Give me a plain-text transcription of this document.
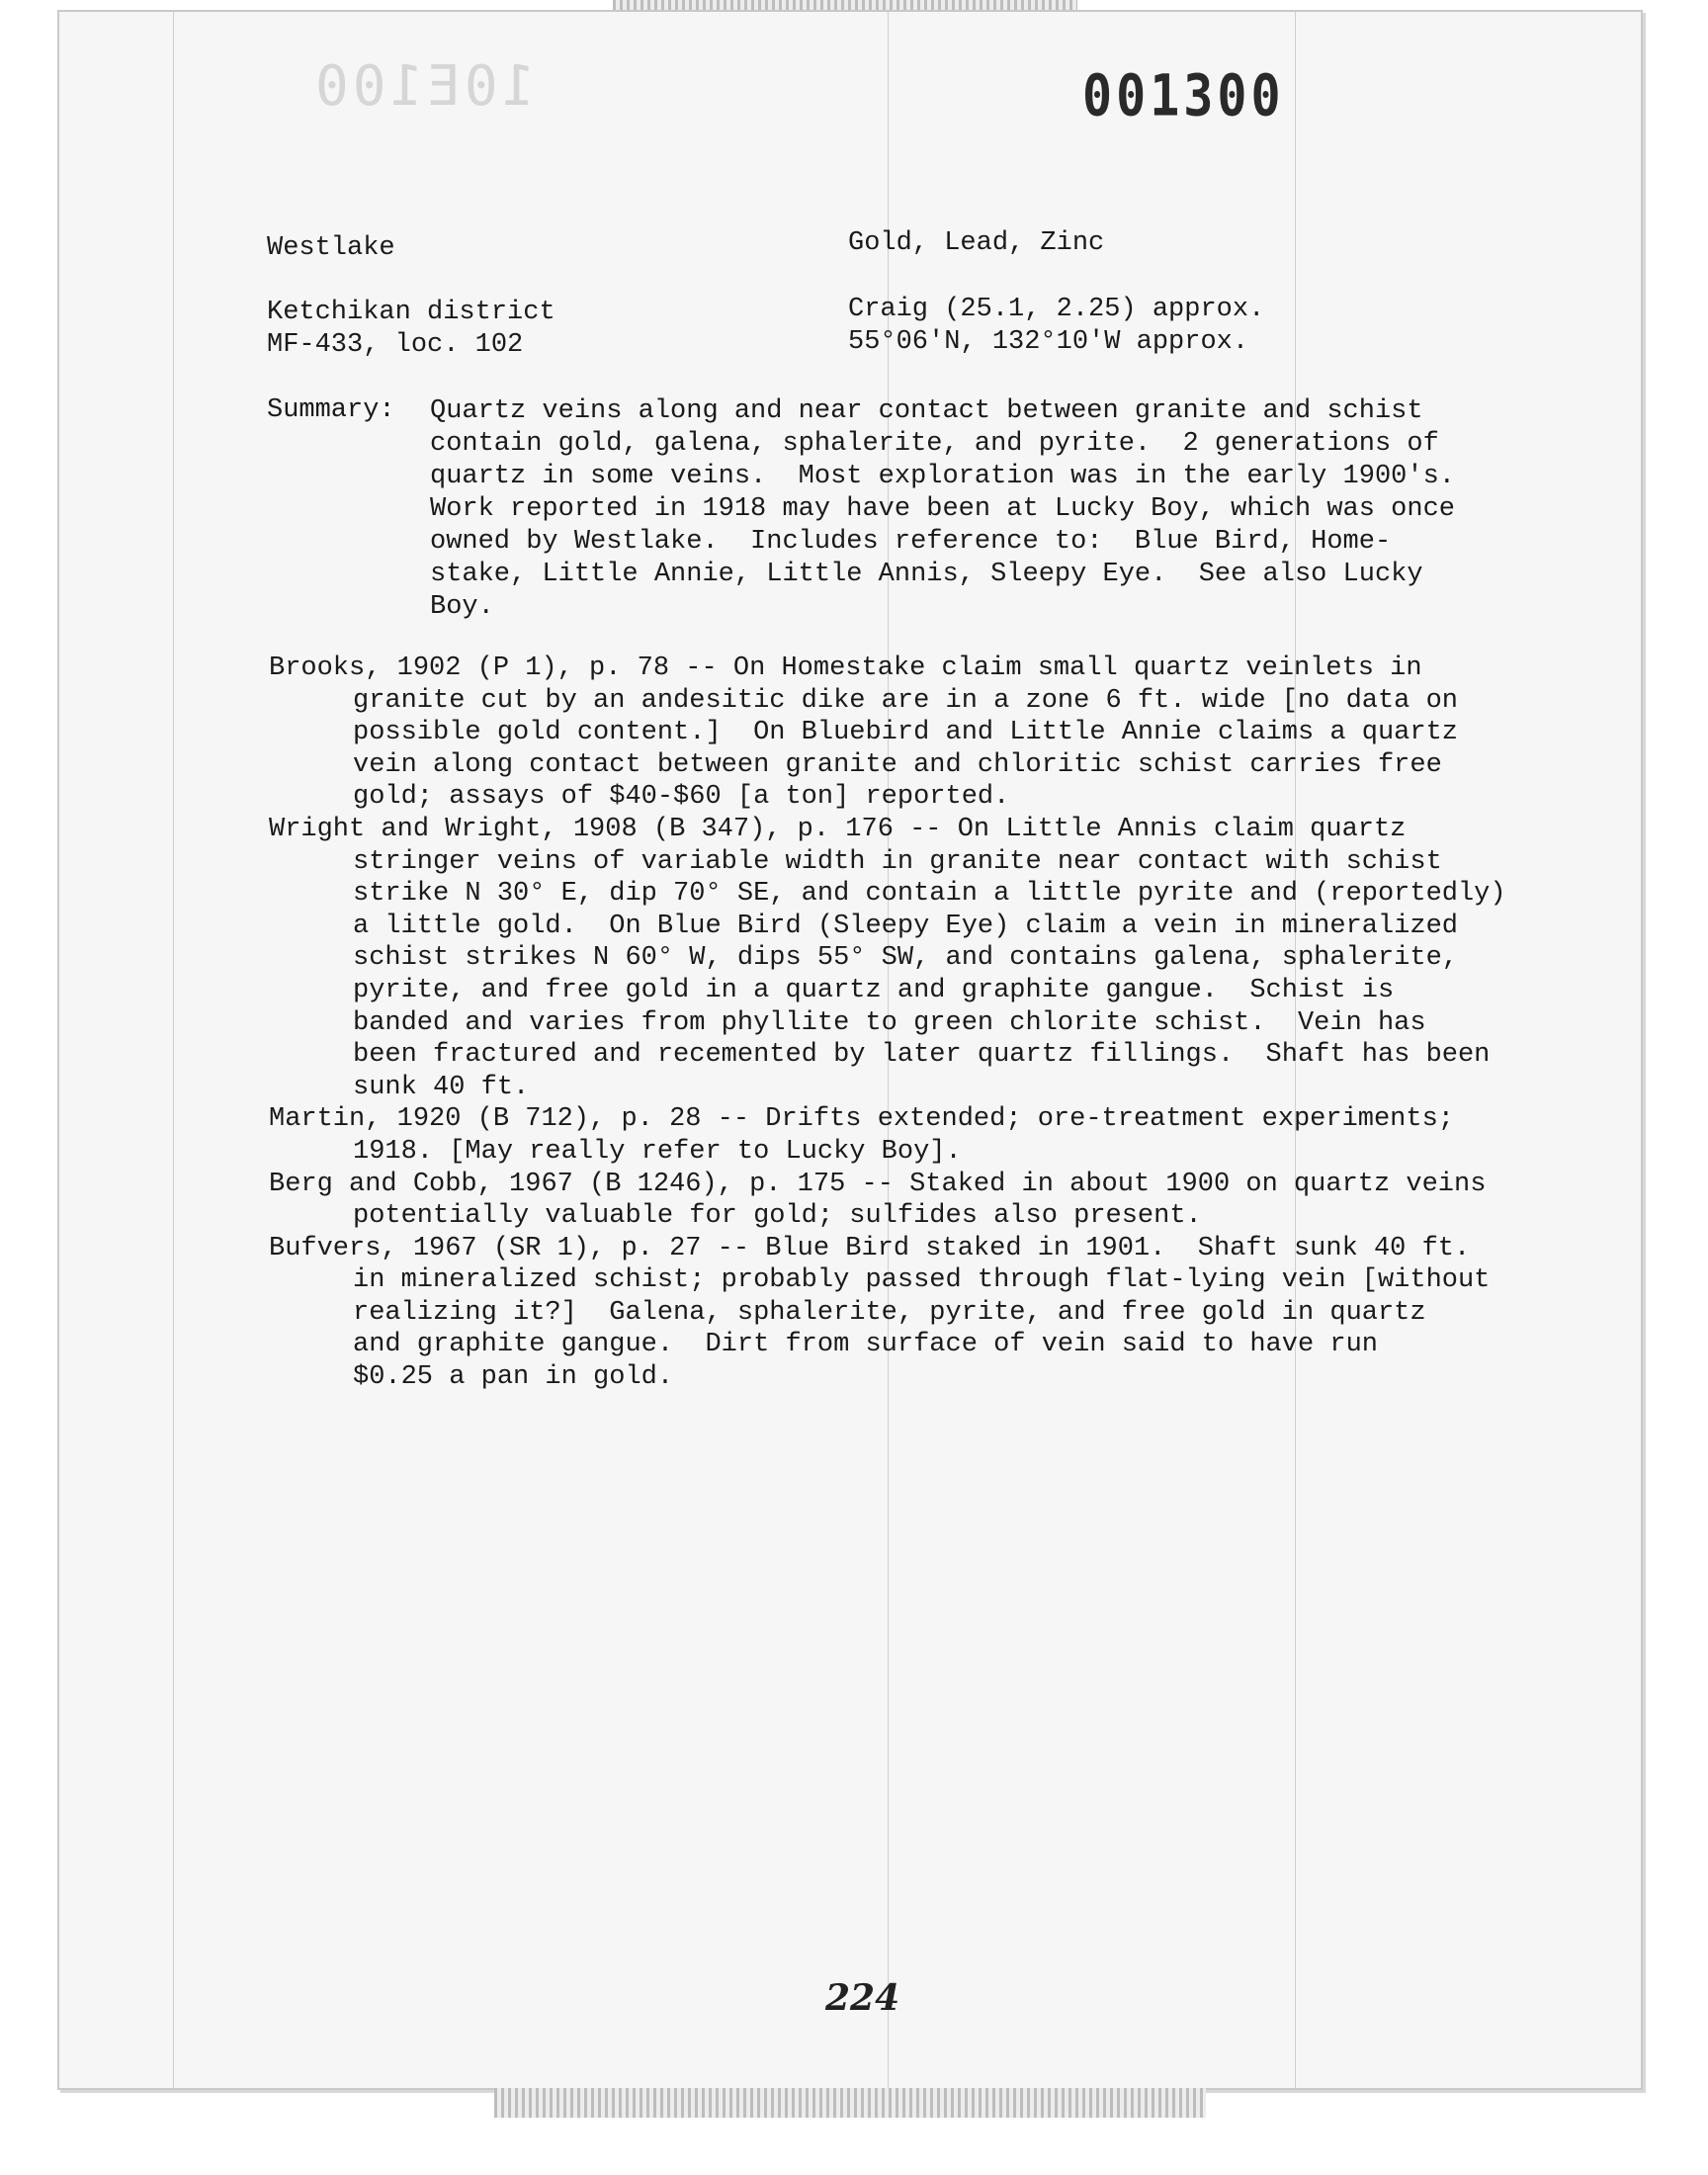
10E100	001300
Westlake	Gold, Lead, Zinc
Ketchikan district	Craig (25.1, 2.25) approx.
MF-433, loc. 102	55°06'N, 132°10'W approx.
Summary: Quartz veins along and near contact between granite and schist
contain gold, galena, sphalerite, and pyrite.  2 generations of
quartz in some veins.  Most exploration was in the early 1900's.
Work reported in 1918 may have been at Lucky Boy, which was once
owned by Westlake.  Includes reference to:  Blue Bird, Home-
stake, Little Annie, Little Annis, Sleepy Eye.  See also Lucky
Boy.
Brooks, 1902 (P 1), p. 78 -- On Homestake claim small quartz veinlets in
granite cut by an andesitic dike are in a zone 6 ft. wide [no data on
possible gold content.]  On Bluebird and Little Annie claims a quartz
vein along contact between granite and chloritic schist carries free
gold; assays of $40-$60 [a ton] reported.
Wright and Wright, 1908 (B 347), p. 176 -- On Little Annis claim quartz
stringer veins of variable width in granite near contact with schist
strike N 30° E, dip 70° SE, and contain a little pyrite and (reportedly)
a little gold.  On Blue Bird (Sleepy Eye) claim a vein in mineralized
schist strikes N 60° W, dips 55° SW, and contains galena, sphalerite,
pyrite, and free gold in a quartz and graphite gangue.  Schist is
banded and varies from phyllite to green chlorite schist.  Vein has
been fractured and recemented by later quartz fillings.  Shaft has been
sunk 40 ft.
Martin, 1920 (B 712), p. 28 -- Drifts extended; ore-treatment experiments;
1918. [May really refer to Lucky Boy].
Berg and Cobb, 1967 (B 1246), p. 175 -- Staked in about 1900 on quartz veins
potentially valuable for gold; sulfides also present.
Bufvers, 1967 (SR 1), p. 27 -- Blue Bird staked in 1901.  Shaft sunk 40 ft.
in mineralized schist; probably passed through flat-lying vein [without
realizing it?]  Galena, sphalerite, pyrite, and free gold in quartz
and graphite gangue.  Dirt from surface of vein said to have run
$0.25 a pan in gold.
224
